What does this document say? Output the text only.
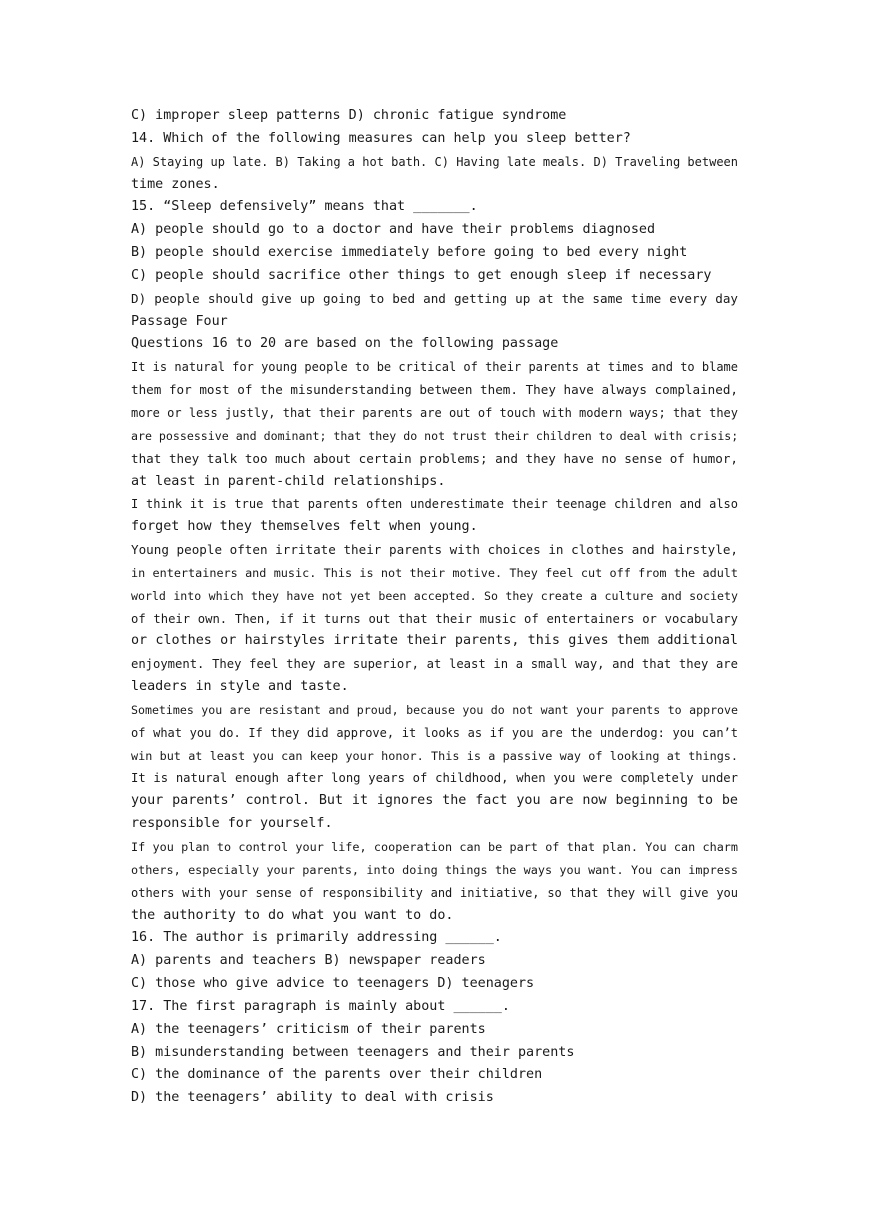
C) improper sleep patterns D) chronic fatigue syndrome
14. Which of the following measures can help you sleep better?
A) Staying up late. B) Taking a hot bath. C) Having late meals. D) Traveling between
time zones.
15. “Sleep defensively” means that _______.
A) people should go to a doctor and have their problems diagnosed
B) people should exercise immediately before going to bed every night
C) people should sacrifice other things to get enough sleep if necessary
D) people should give up going to bed and getting up at the same time every day
Passage Four
Questions 16 to 20 are based on the following passage
It is natural for young people to be critical of their parents at times and to blame
them for most of the misunderstanding between them. They have always complained,
more or less justly, that their parents are out of touch with modern ways; that they
are possessive and dominant; that they do not trust their children to deal with crisis;
that they talk too much about certain problems; and they have no sense of humor,
at least in parent-child relationships.
I think it is true that parents often underestimate their teenage children and also
forget how they themselves felt when young.
Young people often irritate their parents with choices in clothes and hairstyle,
in entertainers and music. This is not their motive. They feel cut off from the adult
world into which they have not yet been accepted. So they create a culture and society
of their own. Then, if it turns out that their music of entertainers or vocabulary
or clothes or hairstyles irritate their parents, this gives them additional
enjoyment. They feel they are superior, at least in a small way, and that they are
leaders in style and taste.
Sometimes you are resistant and proud, because you do not want your parents to approve
of what you do. If they did approve, it looks as if you are the underdog: you can’t
win but at least you can keep your honor. This is a passive way of looking at things.
It is natural enough after long years of childhood, when you were completely under
your parents’ control. But it ignores the fact you are now beginning to be
responsible for yourself.
If you plan to control your life, cooperation can be part of that plan. You can charm
others, especially your parents, into doing things the ways you want. You can impress
others with your sense of responsibility and initiative, so that they will give you
the authority to do what you want to do.
16. The author is primarily addressing ______.
A) parents and teachers B) newspaper readers
C) those who give advice to teenagers D) teenagers
17. The first paragraph is mainly about ______.
A) the teenagers’ criticism of their parents
B) misunderstanding between teenagers and their parents
C) the dominance of the parents over their children
D) the teenagers’ ability to deal with crisis
